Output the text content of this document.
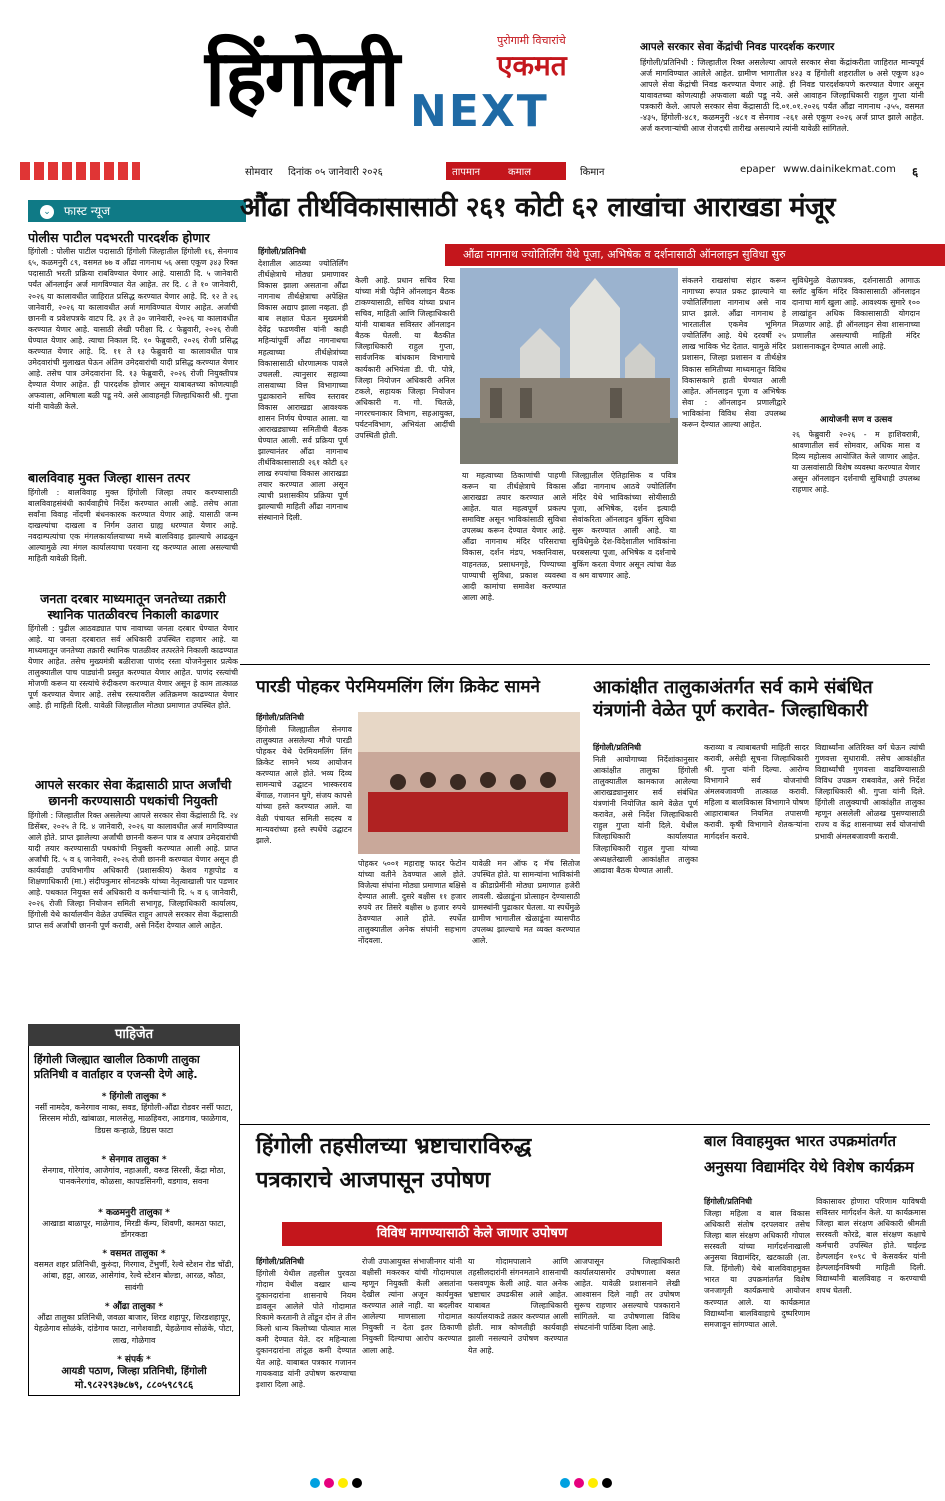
हिंगोली	पुरोगामी विचारांचे
एकमत
NEXT
आपले सरकार सेवा केंद्रांची निवड पारदर्शक करणार

हिंगोली/प्रतिनिधी : जिल्हातील रिक्त असलेल्या आपले सरकार सेवा केंद्रांकरीता जाहिरात मान्यपूर्व अर्ज मागविण्यात आलेले आहेत. ग्रामीण भागातील ४२३ व हिंगोली शहरातील ७ असे एकूण ४३० आपले सेवा केंद्रांची निवड करण्यात येणार आहे. ही निवड पारदर्शकपणे करण्यात येणार असून यावावतच्या कोणत्याही अफवाला बळी पडू नये. असे आवाहन जिल्हाधिकारी राहुल गुप्ता यांनी पत्रकारी केले. आपले सरकार सेवा केंद्रासाठी दि.०१.०१.२०२६ पर्यंत औंढा नागनाथ -३५५, वसमत -४३५, हिंगोली-४८१, कळमनुरी -४८१ व सेनगाव -२६१ असे एकूण २०२६ अर्ज प्राप्त झाले आहेत. अर्ज करणाऱ्यांची आज रोजदची तारीख असल्याने त्यांनी यावेळी सांगितले.

सोमवार दिनांक ०५ जानेवारी २०२६	तापमान	कमाल	किमान	epaper www.dainikekmat.com ६
⌄ फास्ट न्यूज
पोलीस पाटील पदभरती पारदर्शक होणार
हिंगोली : पोलीस पाटील पदासाठी हिंगोली जिल्हातील हिंगोली १६, सेनगाव ६५, कळमनुरी ८९, वसमत ७७ व औंढा नागनाथ ५६ असा एकूण ३४३ रिक्त पदासाठी भरती प्रक्रिया राबविण्यात येणार आहे. यासाठी दि. ५ जानेवारी पर्यंत ऑनलाईन अर्ज मागविण्यात येत आहेत. तर दि. ८ ते १० जानेवारी, २०२६ या कालावधीत जाहिरात प्रसिद्ध करण्यात येणार आहे. दि. १२ ते २६ जानेवारी, २०२६ या कालावधीत अर्ज मागविण्यात येणार आहेत. अर्जाची छाननी व प्रवेशपत्रके वाटप दि. ३१ ते ३० जानेवारी, २०२६ या कालावधीत करण्यात येणार आहे. यासाठी लेखी परीक्षा दि. ८ फेब्रुवारी, २०२६ रोजी घेण्यात येणार आहे. त्याचा निकाल दि. १० फेब्रुवारी, २०२६ रोजी प्रसिद्ध करण्यात येणार आहे. दि. ११ ते १३ फेब्रुवारी या कालावधीत पात्र उमेदवारांची मुलाखत घेऊन अंतिम उमेदवारांची यादी प्रसिद्ध करण्यात येणार आहे. तसेच पात्र उमेदवारांना दि. १३ फेब्रुवारी, २०२६ रोजी नियुक्तीपत्र देण्यात येणार आहेत. ही पारदर्शक होणार असून याबाबतच्या कोणत्याही अफवाला, अमिषाला बळी पडू नये. असे आवाहनही जिल्हाधिकारी श्री. गुप्ता यांनी यावेळी केले.
बालविवाह मुक्त जिल्हा शासन तत्पर
हिंगोली : बालविवाह मुक्त हिंगोली जिल्हा तयार करण्यासाठी बालविवाहसंबंधी कार्यवाहीचे निर्देश करण्यात आली आहे. तसेच आता सर्वांना विवाह नोंदणी बंधनकारक करण्यात येणार आहे. यासाठी जन्म दाखल्यांचा दाखला व निर्गम उतारा ग्राह्य धरण्यात येणार आहे. नवदाम्पत्यांचा एक मंगलकार्यालयाच्या मध्ये बालविवाह झाल्याचे आढळून आल्यामुळे त्या मंगल कार्यालयाचा परवाना रद्द करण्यात आला असल्याची माहिती यावेळी दिली.
जनता दरबार माध्यमातून जनतेच्या तक्रारी स्थानिक पातळीवरच निकाली काढणार
हिंगोली : पुढील आठवड्यात पाच नावाच्या जनता दरबार घेण्यात येणार आहे. या जनता दरबारात सर्व अधिकारी उपस्थित राहणार आहे. या माध्यमातून जनतेच्या तक्रारी स्थानिक पातळीवर तत्परतेने निकाली काढण्यात येणार आहेत. तसेच मुख्यमंत्री बळीराजा पाणंद रस्ता योजनेनुसार प्रत्येक तालुक्यातील पाच पाड्यांनी प्रस्तुत करण्यात येणार आहेत. पाणंद रस्त्यांची मोजणी करून या रस्त्यांचे रुंदीकरण करण्यात येणार असून हे काम तात्काळ पूर्ण करण्यात येणार आहे. तसेच रस्त्यावरील अतिक्रमण काढण्यात येणार आहे. ही माहिती दिली. यावेळी जिल्हातील मोठ्या प्रमाणात उपस्थित होते.
आपले सरकार सेवा केंद्रासाठी प्राप्त अर्जांची छाननी करण्यासाठी पथकांची नियुक्ती
हिंगोली : जिल्हातील रिक्त असलेल्या आपले सरकार सेवा केंद्रांसाठी दि. २४ डिसेंबर, २०२५ ते दि. ४ जानेवारी, २०२६ या कालावधीत अर्ज मागविण्यात आले होते. प्राप्त झालेल्या अर्जांची छाननी करून पात्र व अपात्र उमेदवारांची यादी तयार करण्यासाठी पथकांची नियुक्ती करण्यात आली आहे. प्राप्त अर्जांची दि. ५ व ६ जानेवारी, २०२६ रोजी छाननी करण्यात येणार असून ही कार्यवाही उपविभागीय अधिकारी (प्रशासकीय) केशव गड्डापोड व शिक्षणाधिकारी (मा.) संदीपकुमार सोनटक्के यांच्या नेतृत्वाखाली पार पडणार आहे. पथकात नियुक्त सर्व अधिकारी व कर्मचाऱ्यांनी दि. ५ व ६ जानेवारी, २०२६ रोजी जिल्हा नियोजन समिती सभागृह, जिल्हाधिकारी कार्यालय, हिंगोली येथे कार्यालयीन वेळेत उपस्थित राहून आपले सरकार सेवा केंद्रासाठी प्राप्त सर्व अर्जांची छाननी पूर्ण करावी, असे निर्देश देण्यात आले आहेत.
पाहिजेत
हिंगोली जिल्ह्यात खालील ठिकाणी तालुका प्रतिनिधी व वार्ताहार व एजन्सी देणे आहे.
* हिंगोली तालुका *
नर्सी नामदेव, कनेरगाव नाका, सवड, हिंगोली-औंढा रोडवर नर्सी फाटा, सिरसम मोठी, खांबाळा, मालसेलू, माळहिवरा, आडगाव, फाळेगाव, डिग्रस कऱ्हाळे, डिग्रस फाटा
* सेनगाव तालुका *
सेनगाव, गोरेगांव, आजेगांव, नहाअली, वरूड सिरसी, केंद्रा मोठा, पानकनेरगांव, कोळसा, कापडसिनगी, वडगाव, सवना
* कळमनुरी तालुका *
आखाडा बाळापूर, माळेगाव, मिरडी कॅम्प, शिवणी, कामठा फाटा, डोंगरकडा
* वसमत तालुका *
वसमत शहर प्रतिनिधी, कुरुंदा, गिरगाव, टेंभुर्णी, रेल्वे स्टेशन रोड चोंढी, आंबा, हट्टा, आरळ, आसेगांव, रेल्वे स्टेशन बोल्डा, आरळ, कौठा, सावंगी
* औंढा तालुका *
औंढा तालुका प्रतिनिधी, जवळा बाजार, शिरड शहापूर, शिरडशहापूर, येहळेगाव सोळंके, दांडेगाव फाटा, नागेशवाडी, येहळेगाव सोळंके, पोटा, लाख, गोळेगाव
* संपर्क *
आयडी पठाण, जिल्हा प्रतिनिधी, हिंगोली मो.९८२२९३७८७९, ८८०५९८९८६
औंढा तीर्थविकासासाठी २६१ कोटी ६२ लाखांचा आराखडा मंजूर
औंढा नागनाथ ज्योतिर्लिंग येथे पूजा, अभिषेक व दर्शनासाठी ऑनलाइन सुविधा सुरु
हिंगोली/प्रतिनिधी
देशातील आठव्या ज्योतिर्लिंग तीर्थक्षेत्राचे मोठ्या प्रमाणावर विकास झाला असताना औंढा नागनाथ तीर्थक्षेत्राचा अपेक्षित विकास अद्याप झाला नव्हता. ही बाब लक्षात घेऊन मुख्यमंत्री देवेंद्र फडणवीस यांनी काही महिन्यांपूर्वी औंढा नागनाथचा महत्वाच्या तीर्थक्षेत्रांच्या विकासासाठी धोरणात्मक पावले उचलली. त्यानुसार सहाव्या तासवाच्या वित्त विभागाच्या पुढाकाराने सचिव स्तरावर विकास आराखडा आवश्यक शासन निर्णय घेण्यात आला. या आराखड्याच्या समितीची बैठक घेण्यात आली. सर्व प्रक्रिया पूर्ण झाल्यानंतर औंढा नागनाथ तीर्थविकासासाठी २६१ कोटी ६२ लाख रुपयांचा विकास आराखडा तयार करण्यात आला असून त्याची प्रशासकीय प्रक्रिया पूर्ण झाल्याची माहिती औंढा नागनाथ संस्थानाने दिली.
केली आहे. प्रधान सचिव रिया यांच्या मंत्री पेढ़ीने ऑनलाइन बैठक टाकण्यासाठी, सचिव यांच्या प्रधान सचिव, माहिती आणि जिल्हाधिकारी यांनी याबाबत सविस्तर ऑनलाइन बैठक घेतली. या बैठकीत जिल्हाधिकारी राहुल गुप्ता, सार्वजनिक बांधकाम विभागाचे कार्यकारी अभियंता डी. पी. पोत्रे, जिल्हा नियोजन अधिकारी अनिल टकले, सहायक जिल्हा नियोजन अधिकारी ग. गो. चितळे, नगररचनाकार विभाग, सहआयुक्त, पर्यटनविभाग, अभियंता आदींची उपस्थिती होती.
या महत्वाच्या ठिकाणांची पाहणी करून या तीर्थक्षेत्राचे विकास आराखडा तयार करण्यात आले आहेत. यात महत्वपूर्ण प्रकल्प समाविष्ट असून भाविकांसाठी सुविधा उपलब्ध करून देण्यात येणार आहे. औंढा नागनाथ मंदिर परिसराचा विकास, दर्शन मंडप, भक्तनिवास, वाहनतळ, प्रसाधनगृहे, पिण्याच्या पाण्याची सुविधा, प्रकाश व्यवस्था आदी कामांचा समावेश करण्यात आला आहे.
जिल्ह्यातील ऐतिहासिक व पवित्र औंढा नागनाथ आठवे ज्योतिर्लिंग मंदिर येथे भाविकांच्या सोयीसाठी पूजा, अभिषेक, दर्शन इत्यादी सेवांकरिता ऑनलाइन बुकिंग सुविधा सुरू करण्यात आली आहे. या सुविधेमुळे देश-विदेशातील भाविकांना घरबसल्या पूजा, अभिषेक व दर्शनाचे बुकिंग करता येणार असून त्यांचा वेळ व श्रम वाचणार आहे.
संकलने राखसांचा संहार करून नागाच्या रूपात प्रकट झाल्याने या ज्योतिर्लिंगाला नागनाथ असे नाव प्राप्त झाले. औंढा नागनाथ हे भारतातील एकमेव भूमिगत ज्योतिर्लिंग आहे. येथे दरवर्षी २५ लाख भाविक भेट देतात. यामुळे मंदिर प्रशासन, जिल्हा प्रशासन व तीर्थक्षेत्र विकास समितीच्या माध्यमातून विविध विकासकामे हाती घेण्यात आली आहेत. ऑनलाइन पूजा व अभिषेक सेवा : ऑनलाइन प्रणालीद्वारे भाविकांना विविध सेवा उपलब्ध करून देण्यात आल्या आहेत.
सुविधेमुळे वेळापत्रक, दर्शनासाठी आगाऊ स्लॉट बुकिंग मंदिर विकासासाठी ऑनलाइन दानाचा मार्ग खुला आहे. आवश्यक सुमारे १०० लाखांहून अधिक विकासासाठी योगदान मिळणार आहे. ही ऑनलाइन सेवा शासनाच्या प्रणालीत असल्याची माहिती मंदिर प्रशासनाकडून देण्यात आली आहे.
आयोजनी सण व उत्सव
२६ फेब्रुवारी २०२६ - म हाशिवरात्री, श्रावणातील सर्व सोमवार, अधिक मास व दिव्य महोत्सव आयोजित केले जाणार आहेत. या उत्सवांसाठी विशेष व्यवस्था करण्यात येणार असून ऑनलाइन दर्शनाची सुविधाही उपलब्ध राहणार आहे.
पारडी पोहकर पेरमियमलिंग लिंग क्रिकेट सामने
हिंगोली/प्रतिनिधी
हिंगोली जिल्ह्यातील सेनगाव तालुक्यात असलेल्या मौजे पारडी पोहकर येथे पेरमियमलिंग लिंग क्रिकेट सामने भव्य आयोजन करण्यात आले होते. भव्य दिव्य सामन्याचे उद्घाटन भास्करराव बेंगाळ, गजानन घुगे, संजय कापसे यांच्या हस्ते करण्यात आले. या वेळी पंचायत समिती सदस्य व मान्यवरांच्या हस्ते स्पर्धेचे उद्घाटन झाले.
पोहकर ५००१ महाराष्ट्र फादर फेटोन यांच्या वतीने ठेवण्यात आले होते. विजेत्या संघांना मोठ्या प्रमाणात बक्षिसे देण्यात आली. दुसरे बक्षीस ११ हजार रुपये तर तिसरे बक्षीस ७ हजार रुपये ठेवण्यात आले होते. स्पर्धेत तालुक्यातील अनेक संघांनी सहभाग नोंदवला.
यावेळी मन ऑफ द मॅच सितोज उपस्थित होते. या सामन्यांना भाविकांनी व क्रीडाप्रेमींनी मोठ्या प्रमाणात हजेरी लावली. खेळाडूंना प्रोत्साहन देण्यासाठी ग्रामस्थांनी पुढाकार घेतला. या स्पर्धेमुळे ग्रामीण भागातील खेळाडूंना व्यासपीठ उपलब्ध झाल्याचे मत व्यक्त करण्यात आले.
आकांक्षीत तालुकाअंतर्गत सर्व कामे संबंधित यंत्रणांनी वेळेत पूर्ण करावेत- जिल्हाधिकारी
हिंगोली/प्रतिनिधी
निती आयोगाच्या निर्देशांकानुसार आकांक्षीत तालुका हिंगोली तालुक्यातील कामकाज आलेल्या आराखड्यानुसार सर्व संबंधित यंत्रणांनी नियोजित कामे वेळेत पूर्ण करावेत, असे निर्देश जिल्हाधिकारी राहुल गुप्ता यांनी दिले. येथील जिल्हाधिकारी कार्यालयात जिल्हाधिकारी राहुल गुप्ता यांच्या अध्यक्षतेखाली आकांक्षीत तालुका आढावा बैठक घेण्यात आली.
कराव्या व त्याबाबतची माहिती सादर करावी, असेही सूचना जिल्हाधिकारी श्री. गुप्ता यांनी दिल्या. आरोग्य विभागाने सर्व योजनांची अंमलबजावणी तात्काळ करावी. महिला व बालविकास विभागाने पोषण आहाराबाबत नियमित तपासणी करावी. कृषी विभागाने शेतकऱ्यांना मार्गदर्शन करावे.
विद्यार्थ्यांना अतिरिक्त वर्ग घेऊन त्यांची गुणवत्ता सुधारावी. तसेच आकांक्षीत विद्यार्थ्यांची गुणवत्ता वाढविण्यासाठी विविध उपक्रम राबवावेत, असे निर्देश जिल्हाधिकारी श्री. गुप्ता यांनी दिले. हिंगोली तालुक्याची आकांक्षीत तालुका म्हणून असलेली ओळख पुसण्यासाठी राज्य व केंद्र शासनाच्या सर्व योजनांची प्रभावी अंमलबजावणी करावी.
हिंगोली तहसीलच्या भ्रष्टाचाराविरुद्ध
पत्रकाराचे आजपासून उपोषण
विविध मागण्यासाठी केले जाणार उपोषण
हिंगोली/प्रतिनिधी
हिंगोली येथील तहसील पुरवठा गोदाम येथील वखार धान्य दुकानदारांना शासनाचे नियम डावलून आलेले पोते गोदामात रिकामे करतानी ते तोंडून दोन ते तीन किलो धान्य किलोच्या पोत्यात माल कमी देण्यात येते. दर महिन्याला दुकानदारांना तांदूळ कमी देण्यात येत आहे. याबाबत पत्रकार गजानन गायकवाड यांनी उपोषण करण्याचा इशारा दिला आहे.
रोजी उपाआयुक्त संभाजीनगर यांनी बक्षीसी मकरकर यांची गोदामपाल म्हणून नियुक्ती केली असतांना देखील त्यांना अजून कार्यमुक्त करण्यात आले नाही. या बदलीवर आलेल्या माणसाला गोदामात नियुक्ती न देता इतर ठिकाणी नियुक्ती दिल्याचा आरोप करण्यात आला आहे.
या गोदामपालाने आणि तहसीलदारांनी संगनमताने शासनाची फसवणूक केली आहे. यात अनेक भ्रष्टाचार उघडकीस आले आहेत. याबाबत जिल्हाधिकारी कार्यालयाकडे तक्रार करण्यात आली होती. मात्र कोणतीही कार्यवाही झाली नसल्याने उपोषण करण्यात येत आहे.
आजपासून जिल्हाधिकारी कार्यालयासमोर उपोषणाला बसत आहेत. यावेळी प्रशासनाने लेखी आश्वासन दिले नाही तर उपोषण सुरूच राहणार असल्याचे पत्रकाराने सांगितले. या उपोषणाला विविध संघटनांनी पाठिंबा दिला आहे.
बाल विवाहमुक्त भारत उपक्रमांतर्गत
अनुसया विद्यामंदिर येथे विशेष कार्यक्रम
हिंगोली/प्रतिनिधी
जिल्हा महिला व बाल विकास अधिकारी संतोष दरपलवार तसेच जिल्हा बाल संरक्षण अधिकारी गोपाल सरस्वती यांच्या मार्गदर्शनाखाली अनुसया विद्यामंदिर, खटकाळी (ता. जि. हिंगोली) येथे बालविवाहमुक्त भारत या उपक्रमांतर्गत विशेष जनजागृती कार्यक्रमाचे आयोजन करण्यात आले. या कार्यक्रमात विद्यार्थ्यांना बालविवाहाचे दुष्परिणाम समजावून सांगण्यात आले.
विकासावर होणारा परिणाम याविषयी सविस्तर मार्गदर्शन केले. या कार्यक्रमास जिल्हा बाल संरक्षण अधिकारी श्रीमती सरस्वती कोरडे, बाल संरक्षण कक्षाचे कर्मचारी उपस्थित होते. चाईल्ड हेल्पलाईन १०९८ चे केसवर्कर यांनी हेल्पलाईनविषयी माहिती दिली. विद्यार्थ्यांनी बालविवाह न करण्याची शपथ घेतली.
